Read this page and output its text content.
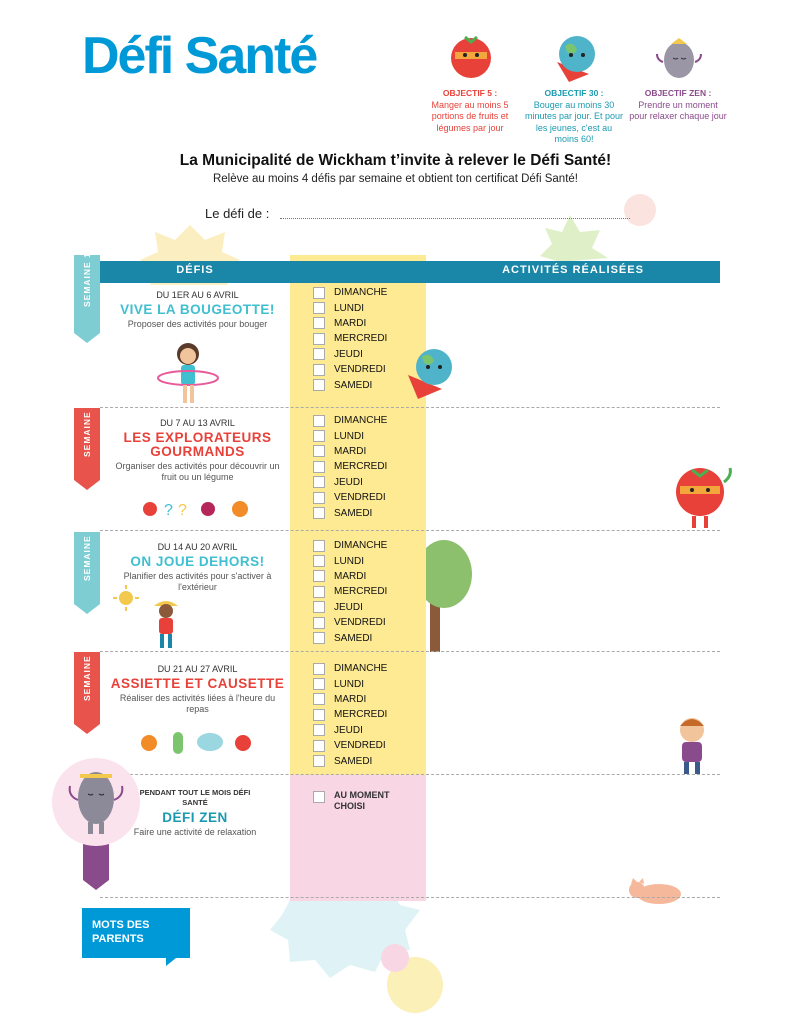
Défi Santé
OBJECTIF 5 :
Manger au moins 5 portions de fruits et légumes par jour
OBJECTIF 30 :
Bouger au moins 30 minutes par jour. Et pour les jeunes, c'est au moins 60!
OBJECTIF ZEN :
Prendre un moment pour relaxer chaque jour
La Municipalité de Wickham t’invite à relever le Défi Santé!
Relève au moins 4 défis par semaine et obtient ton certificat Défi Santé!
Le défi de :
DÉFIS	ACTIVITÉS RÉALISÉES
✔
SEMAINE 1
SEMAINE 2
SEMAINE 3
SEMAINE 4
DU 1ER AU 6 AVRIL
VIVE LA BOUGEOTTE!
Proposer des activités pour bouger
DIMANCHE
LUNDI
MARDI
MERCREDI
JEUDI
VENDREDI
SAMEDI
DU 7 AU 13 AVRIL
LES EXPLORATEURS GOURMANDS
Organiser des activités pour découvrir un fruit ou un légume
? ?
DIMANCHE
LUNDI
MARDI
MERCREDI
JEUDI
VENDREDI
SAMEDI
DU 14 AU 20 AVRIL
ON JOUE DEHORS!
Planifier des activités pour s'activer à l'extérieur
DIMANCHE
LUNDI
MARDI
MERCREDI
JEUDI
VENDREDI
SAMEDI
DU 21 AU 27 AVRIL
ASSIETTE ET CAUSETTE
Réaliser des activités liées à l'heure du repas
DIMANCHE
LUNDI
MARDI
MERCREDI
JEUDI
VENDREDI
SAMEDI
PENDANT TOUT LE MOIS DÉFI SANTÉ
DÉFI ZEN
Faire une activité de relaxation
AU MOMENT CHOISI
MOTS DES PARENTS
